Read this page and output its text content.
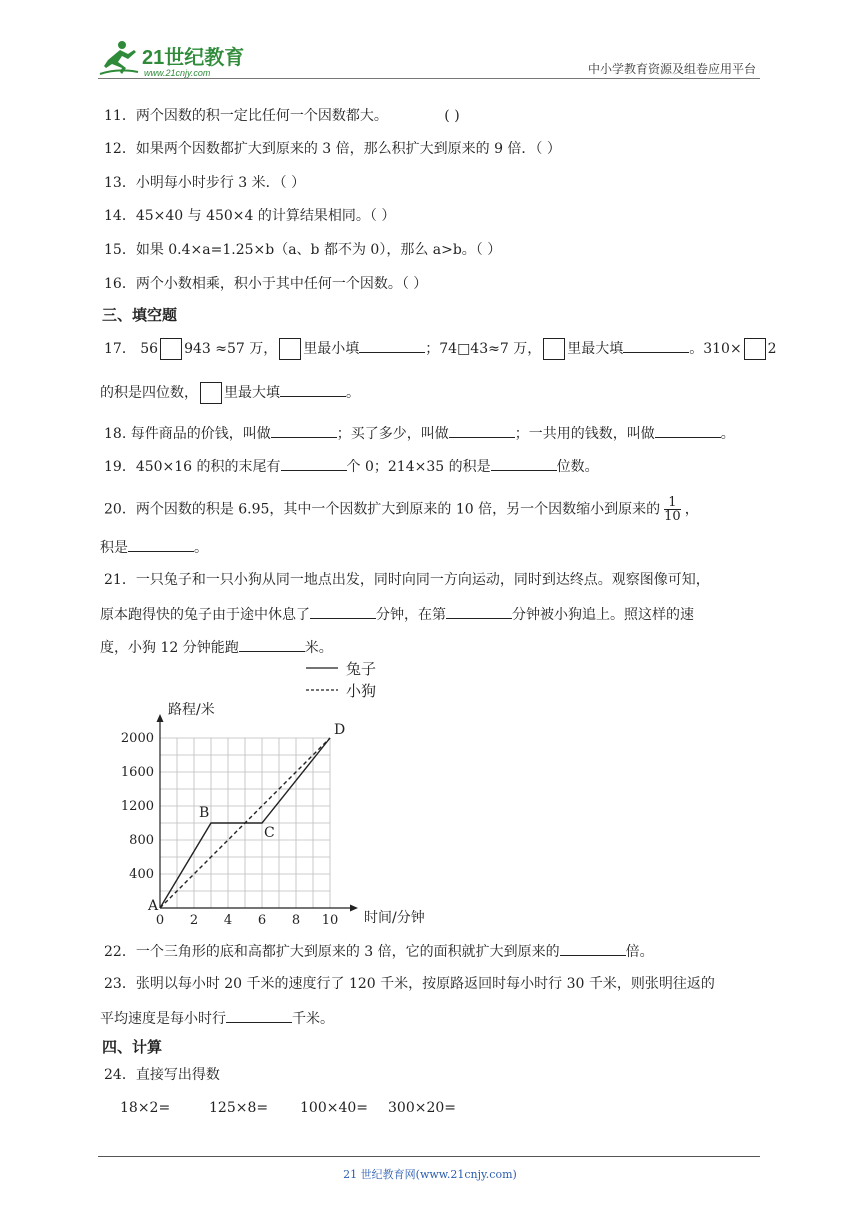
21世纪教育
www.21cnjy.com	中小学教育资源及组卷应用平台
11．两个因数的积一定比任何一个因数都大。	( )
12．如果两个因数都扩大到原来的 3 倍，那么积扩大到原来的 9 倍．（ ）
13．小明每小时步行 3 米．（ ）
14．45×40 与 450×4 的计算结果相同。（ ）
15．如果 0.4×a=1.25×b（a、b 都不为 0），那么 a>b。（ ）
16．两个小数相乘，积小于其中任何一个因数。（ ）
三、填空题
17． 56 943 ≈57 万， 里最小填	；74□43≈7 万， 里最大填	。310× 2
的积是四位数， 里最大填	。
18. 每件商品的价钱，叫做	；买了多少，叫做	；一共用的钱数，叫做	。
19．450×16 的积的末尾有	个 0；214×35 的积是	位数。
20．两个因数的积是 6.95，其中一个因数扩大到原来的 10 倍，另一个因数缩小到原来的 $\frac{1}{10}$ ，
积是	。
21．一只兔子和一只小狗从同一地点出发，同时向同一方向运动，同时到达终点。观察图像可知，
原本跑得快的兔子由于途中休息了	分钟，在第	分钟被小狗追上。照这样的速
度，小狗 12 分钟能跑	米。
0 2 4 6 8 10
400
800
1200
1600
2000
时间/分钟
路程/米
A
B
C
D
兔子
小狗
22．一个三角形的底和高都扩大到原来的 3 倍，它的面积就扩大到原来的	倍。
23．张明以每小时 20 千米的速度行了 120 千米，按原路返回时每小时行 30 千米，则张明往返的
平均速度是每小时行	千米。
四、计算
24．直接写出得数
18×2=	125×8= 100×40= 300×20=
21 世纪教育网(www.21cnjy.com)
